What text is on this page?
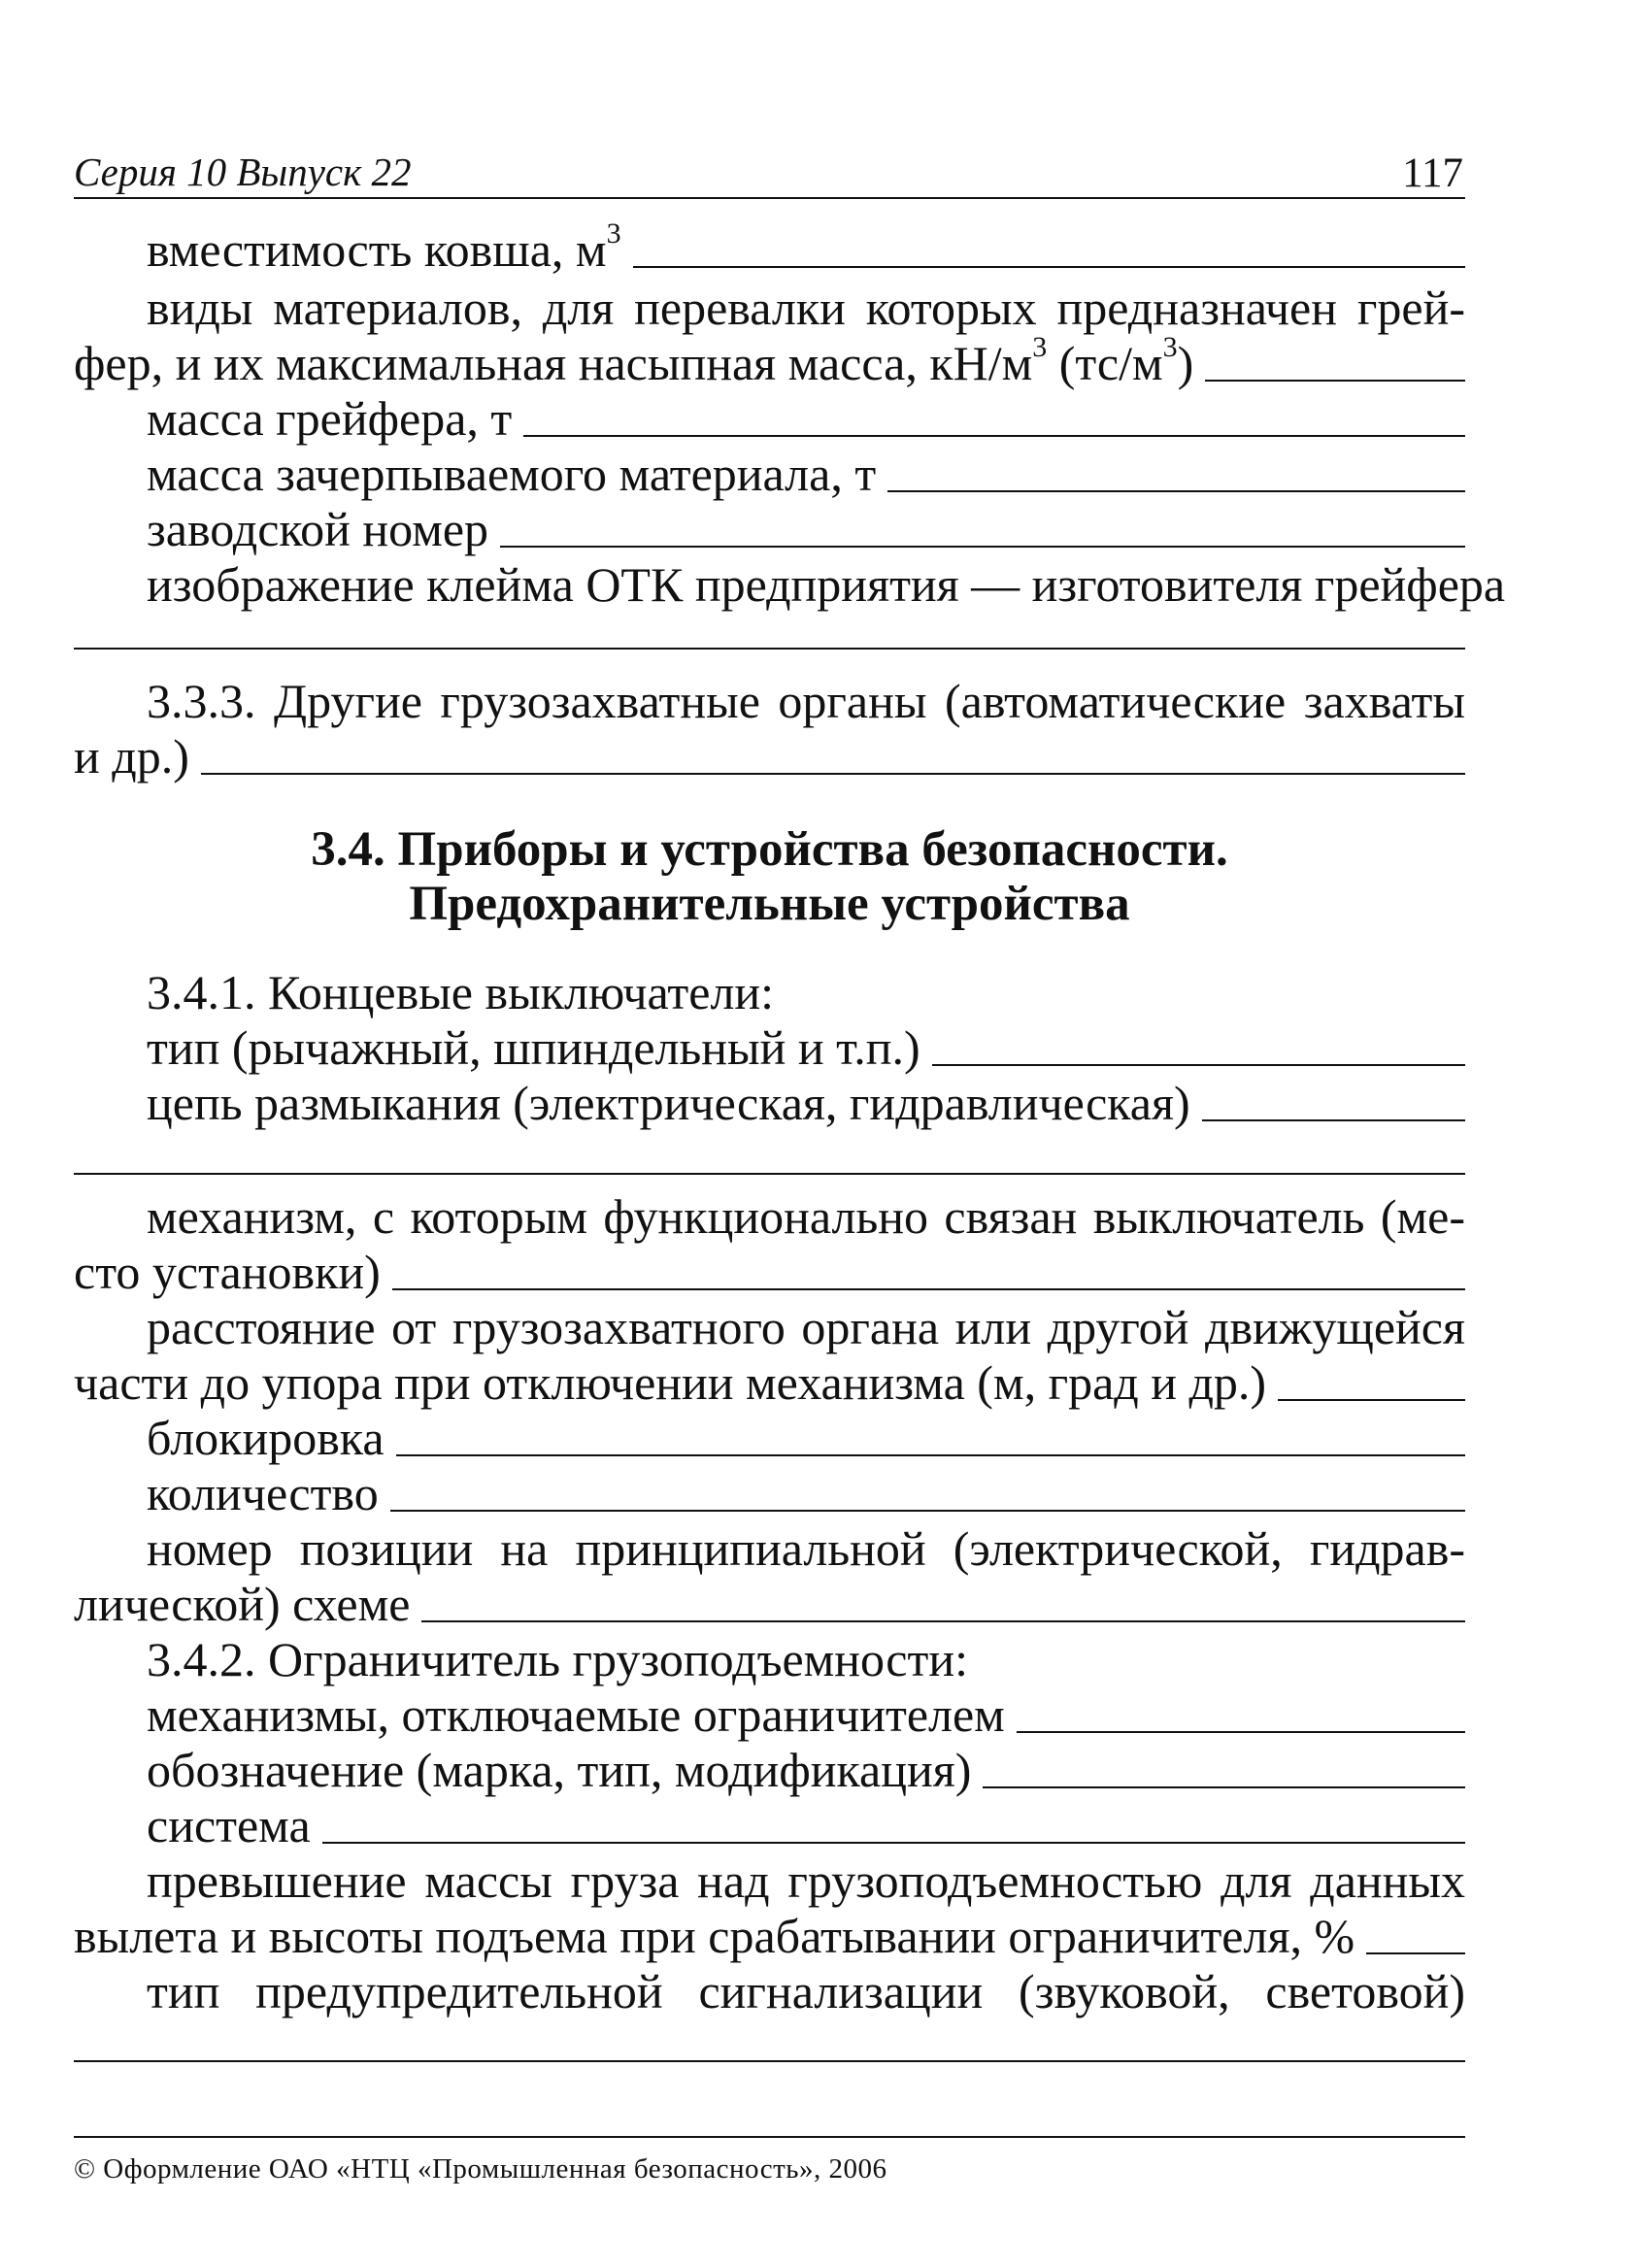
Серия 10 Выпуск 22	117
вместимость ковша, $м^3$
виды материалов, для перевалки которых предназначен грей-
фер, и их максимальная насыпная масса, $кН/м^3$ $(тс/м^3)$
масса грейфера, т
масса зачерпываемого материала, т
заводской номер
изображение клейма ОТК предприятия — изготовителя грейфера
3.3.3. Другие грузозахватные органы (автоматические захваты
и др.)
3.4. Приборы и устройства безопасности.
Предохранительные устройства
3.4.1. Концевые выключатели:
тип (рычажный, шпиндельный и т.п.)
цепь размыкания (электрическая, гидравлическая)
механизм, с которым функционально связан выключатель (ме-
сто установки)
расстояние от грузозахватного органа или другой движущейся
части до упора при отключении механизма (м, град и др.)
блокировка
количество
номер позиции на принципиальной (электрической, гидрав-
лической) схеме
3.4.2. Ограничитель грузоподъемности:
механизмы, отключаемые ограничителем
обозначение (марка, тип, модификация)
система
превышение массы груза над грузоподъемностью для данных
вылета и высоты подъема при срабатывании ограничителя, %
тип предупредительной сигнализации (звуковой, световой)
© Оформление ОАО «НТЦ «Промышленная безопасность», 2006
